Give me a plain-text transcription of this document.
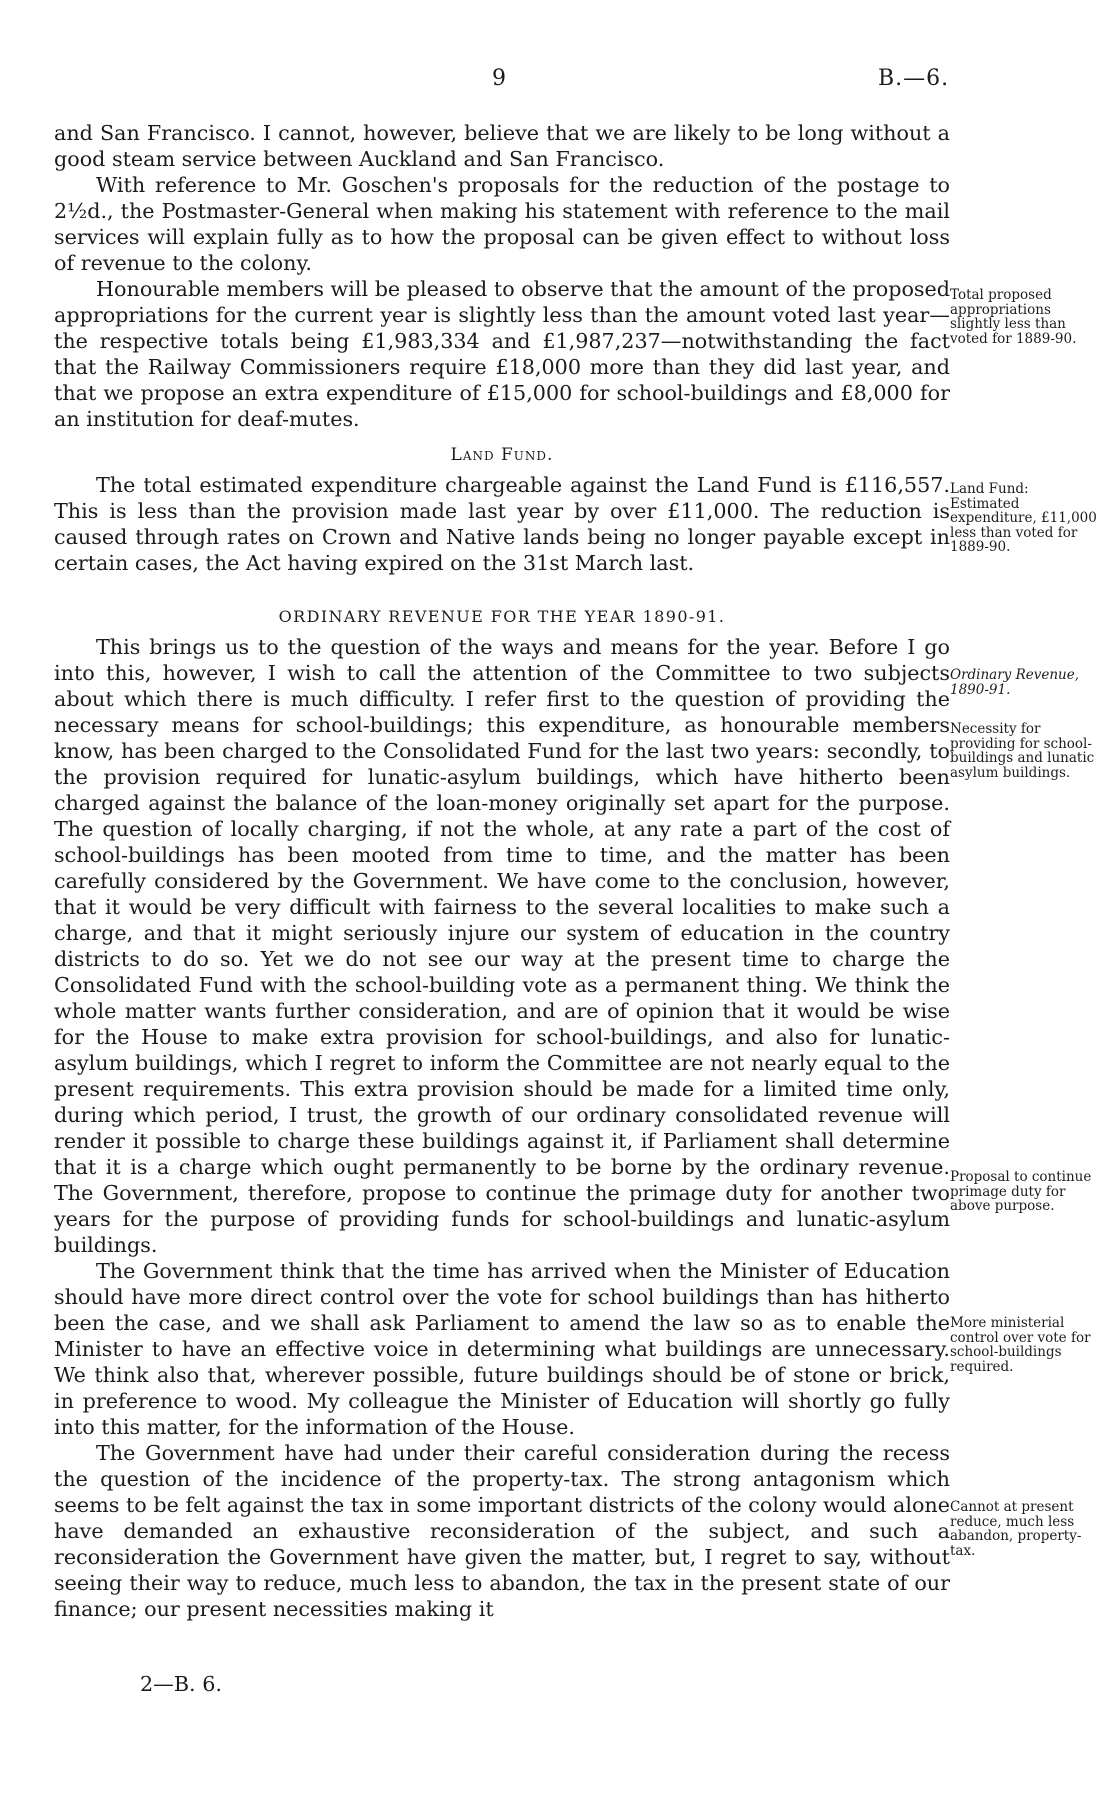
9	B.—6.

and San Francisco. I cannot, however, believe that we are likely to be long without a good steam service between Auckland and San Francisco.

With reference to Mr. Goschen's proposals for the reduction of the postage to 2½d., the Postmaster-General when making his statement with reference to the mail services will explain fully as to how the proposal can be given effect to without loss of revenue to the colony.

Honourable members will be pleased to observe that the amount of the proposed appropriations for the current year is slightly less than the amount voted last year—the respective totals being £1,983,334 and £1,987,237—notwithstanding the fact that the Railway Commissioners require £18,000 more than they did last year, and that we propose an extra expenditure of £15,000 for school-buildings and £8,000 for an institution for deaf-mutes.

Land Fund.

The total estimated expenditure chargeable against the Land Fund is £116,557. This is less than the provision made last year by over £11,000. The reduction is caused through rates on Crown and Native lands being no longer payable except in certain cases, the Act having expired on the 31st March last.

ORDINARY REVENUE FOR THE YEAR 1890-91.

This brings us to the question of the ways and means for the year. Before I go into this, however, I wish to call the attention of the Committee to two subjects about which there is much difficulty. I refer first to the question of providing the necessary means for school-buildings; this expenditure, as honourable members know, has been charged to the Consolidated Fund for the last two years: secondly, to the provision required for lunatic-asylum buildings, which have hitherto been charged against the balance of the loan-money originally set apart for the purpose. The question of locally charging, if not the whole, at any rate a part of the cost of school-buildings has been mooted from time to time, and the matter has been carefully considered by the Government. We have come to the conclusion, however, that it would be very difficult with fairness to the several localities to make such a charge, and that it might seriously injure our system of education in the country districts to do so. Yet we do not see our way at the present time to charge the Consolidated Fund with the school-building vote as a permanent thing. We think the whole matter wants further consideration, and are of opinion that it would be wise for the House to make extra provision for school-buildings, and also for lunatic-asylum buildings, which I regret to inform the Committee are not nearly equal to the present requirements. This extra provision should be made for a limited time only, during which period, I trust, the growth of our ordinary consolidated revenue will render it possible to charge these buildings against it, if Parliament shall determine that it is a charge which ought permanently to be borne by the ordinary revenue. The Government, therefore, propose to continue the primage duty for another two years for the purpose of providing funds for school-buildings and lunatic-asylum buildings.

The Government think that the time has arrived when the Minister of Education should have more direct control over the vote for school buildings than has hitherto been the case, and we shall ask Parliament to amend the law so as to enable the Minister to have an effective voice in determining what buildings are unnecessary. We think also that, wherever possible, future buildings should be of stone or brick, in preference to wood. My colleague the Minister of Education will shortly go fully into this matter, for the information of the House.

The Government have had under their careful consideration during the recess the question of the incidence of the property-tax. The strong antagonism which seems to be felt against the tax in some important districts of the colony would alone have demanded an exhaustive reconsideration of the subject, and such a reconsideration the Government have given the matter, but, I regret to say, without seeing their way to reduce, much less to abandon, the tax in the present state of our finance; our present necessities making it

Total proposed appropriations slightly less than voted for 1889-90.
Land Fund: Estimated expenditure, £11,000 less than voted for 1889-90.
Ordinary Revenue, 1890-91.
Necessity for providing for school-buildings and lunatic asylum buildings.
Proposal to continue primage duty for above purpose.
More ministerial control over vote for school-buildings required.
Cannot at present reduce, much less abandon, property-tax.
2—B. 6.
